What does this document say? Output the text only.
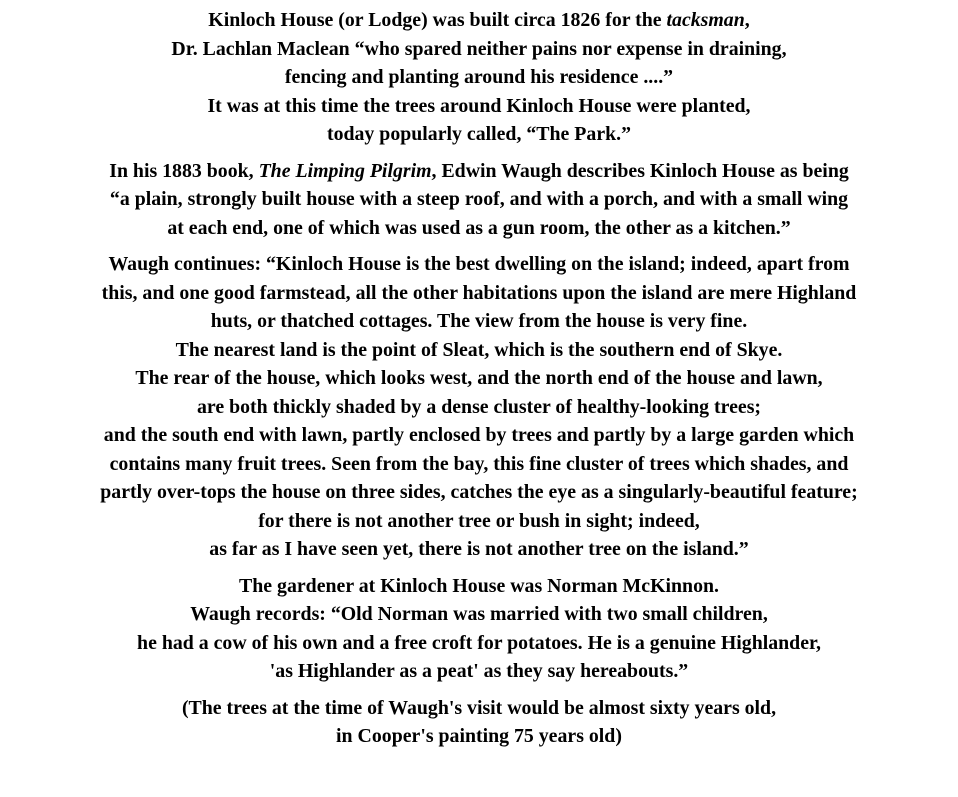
Kinloch House (or Lodge) was built circa 1826 for the tacksman,
Dr. Lachlan Maclean “who spared neither pains nor expense in draining,
fencing and planting around his residence ....”
It was at this time the trees around Kinloch House were planted,
today popularly called, “The Park.”

In his 1883 book, The Limping Pilgrim, Edwin Waugh describes Kinloch House as being
“a plain, strongly built house with a steep roof, and with a porch, and with a small wing
at each end, one of which was used as a gun room, the other as a kitchen.”

Waugh continues: “Kinloch House is the best dwelling on the island; indeed, apart from
this, and one good farmstead, all the other habitations upon the island are mere Highland
huts, or thatched cottages. The view from the house is very fine.
The nearest land is the point of Sleat, which is the southern end of Skye.
The rear of the house, which looks west, and the north end of the house and lawn,
are both thickly shaded by a dense cluster of healthy-looking trees;
and the south end with lawn, partly enclosed by trees and partly by a large garden which
contains many fruit trees. Seen from the bay, this fine cluster of trees which shades, and
partly over-tops the house on three sides, catches the eye as a singularly-beautiful feature;
for there is not another tree or bush in sight; indeed,
as far as I have seen yet, there is not another tree on the island.”

The gardener at Kinloch House was Norman McKinnon.
Waugh records: “Old Norman was married with two small children,
he had a cow of his own and a free croft for potatoes. He is a genuine Highlander,
'as Highlander as a peat' as they say hereabouts.”

(The trees at the time of Waugh's visit would be almost sixty years old,
in Cooper's painting 75 years old)
